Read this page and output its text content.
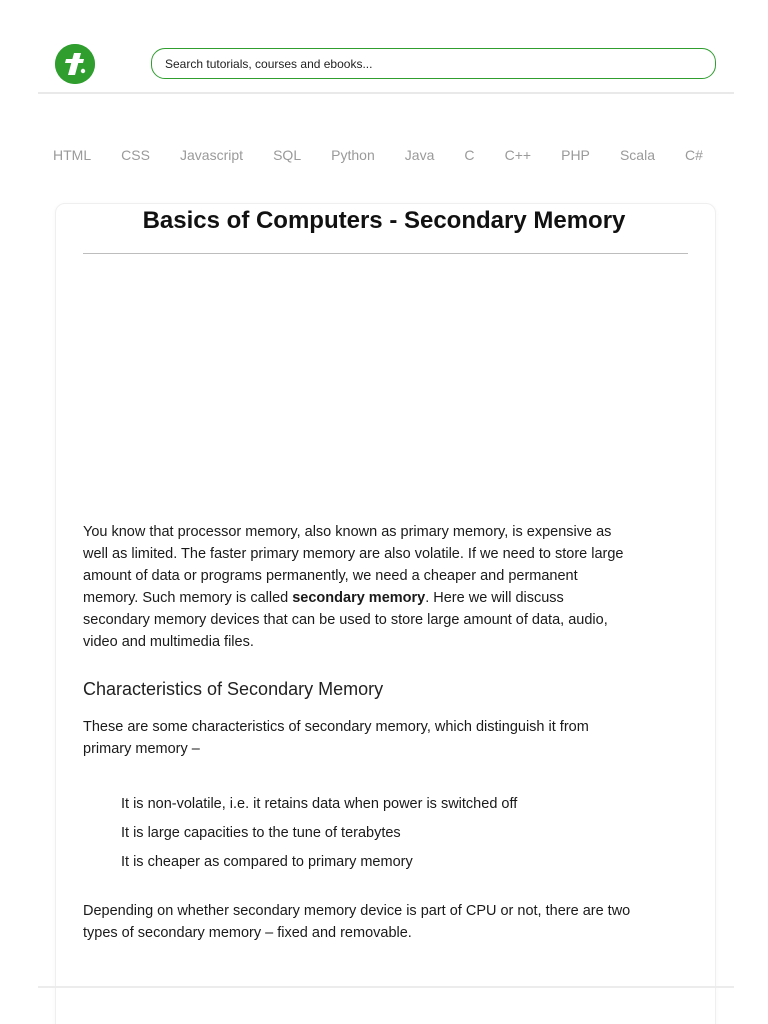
Search tutorials, courses and ebooks...
HTML CSS Javascript SQL Python Java C C++ PHP Scala C#
Basics of Computers - Secondary Memory

You know that processor memory, also known as primary memory, is expensive as well as limited. The faster primary memory are also volatile. If we need to store large amount of data or programs permanently, we need a cheaper and permanent memory. Such memory is called secondary memory. Here we will discuss secondary memory devices that can be used to store large amount of data, audio, video and multimedia files.

Characteristics of Secondary Memory

These are some characteristics of secondary memory, which distinguish it from primary memory –

It is non-volatile, i.e. it retains data when power is switched off
It is large capacities to the tune of terabytes
It is cheaper as compared to primary memory

Depending on whether secondary memory device is part of CPU or not, there are two types of secondary memory – fixed and removable.
